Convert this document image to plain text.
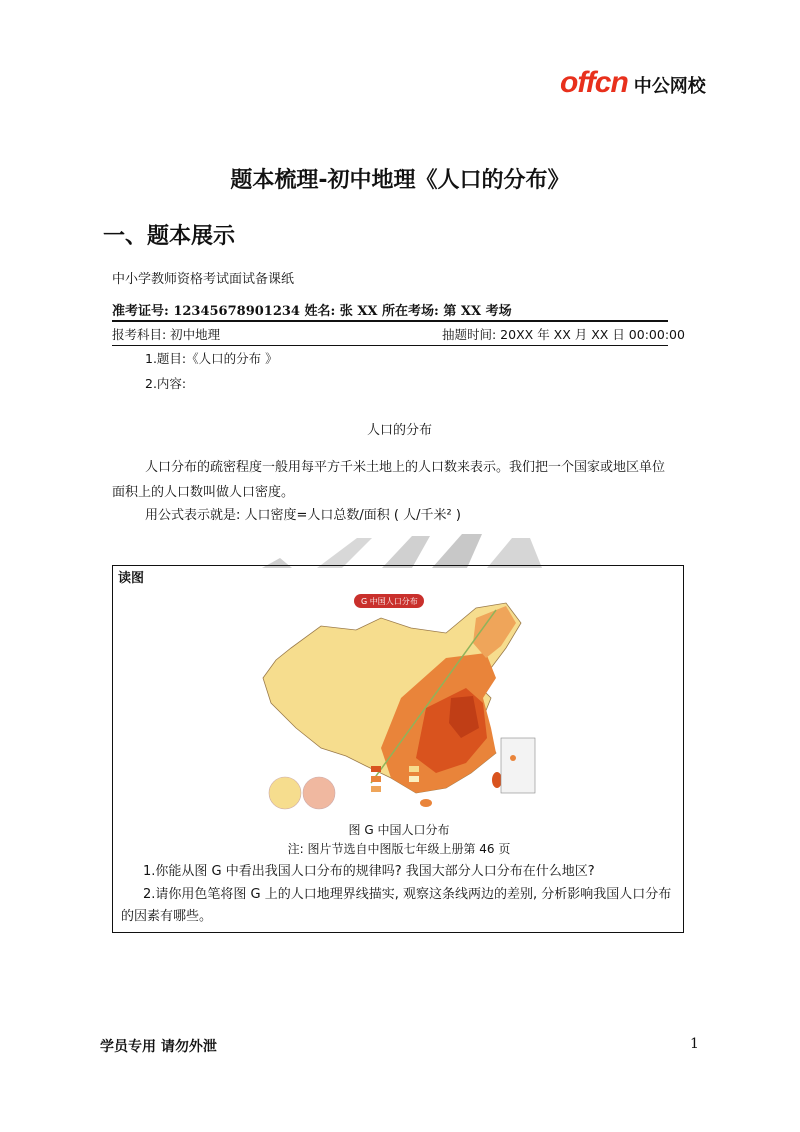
offcn 中公网校
题本梳理-初中地理《人口的分布》
一、题本展示
中小学教师资格考试面试备课纸
准考证号: 12345678901234 姓名: 张 XX 所在考场: 第 XX 考场
报考科目: 初中地理	抽题时间: 20XX 年 XX 月 XX 日 00:00:00
1.题目:《人口的分布 》
2.内容:
人口的分布
人口分布的疏密程度一般用每平方千米土地上的人口数来表示。我们把一个国家或地区单位面积上的人口数叫做人口密度。
用公式表示就是: 人口密度=人口总数/面积 ( 人/千米² )
读图
G 中国人口分布
图 G 中国人口分布
注: 图片节选自中图版七年级上册第 46 页
1.你能从图 G 中看出我国人口分布的规律吗? 我国大部分人口分布在什么地区?
2.请你用色笔将图 G 上的人口地理界线描实, 观察这条线两边的差别, 分析影响我国人口分布的因素有哪些。
学员专用 请勿外泄	1
